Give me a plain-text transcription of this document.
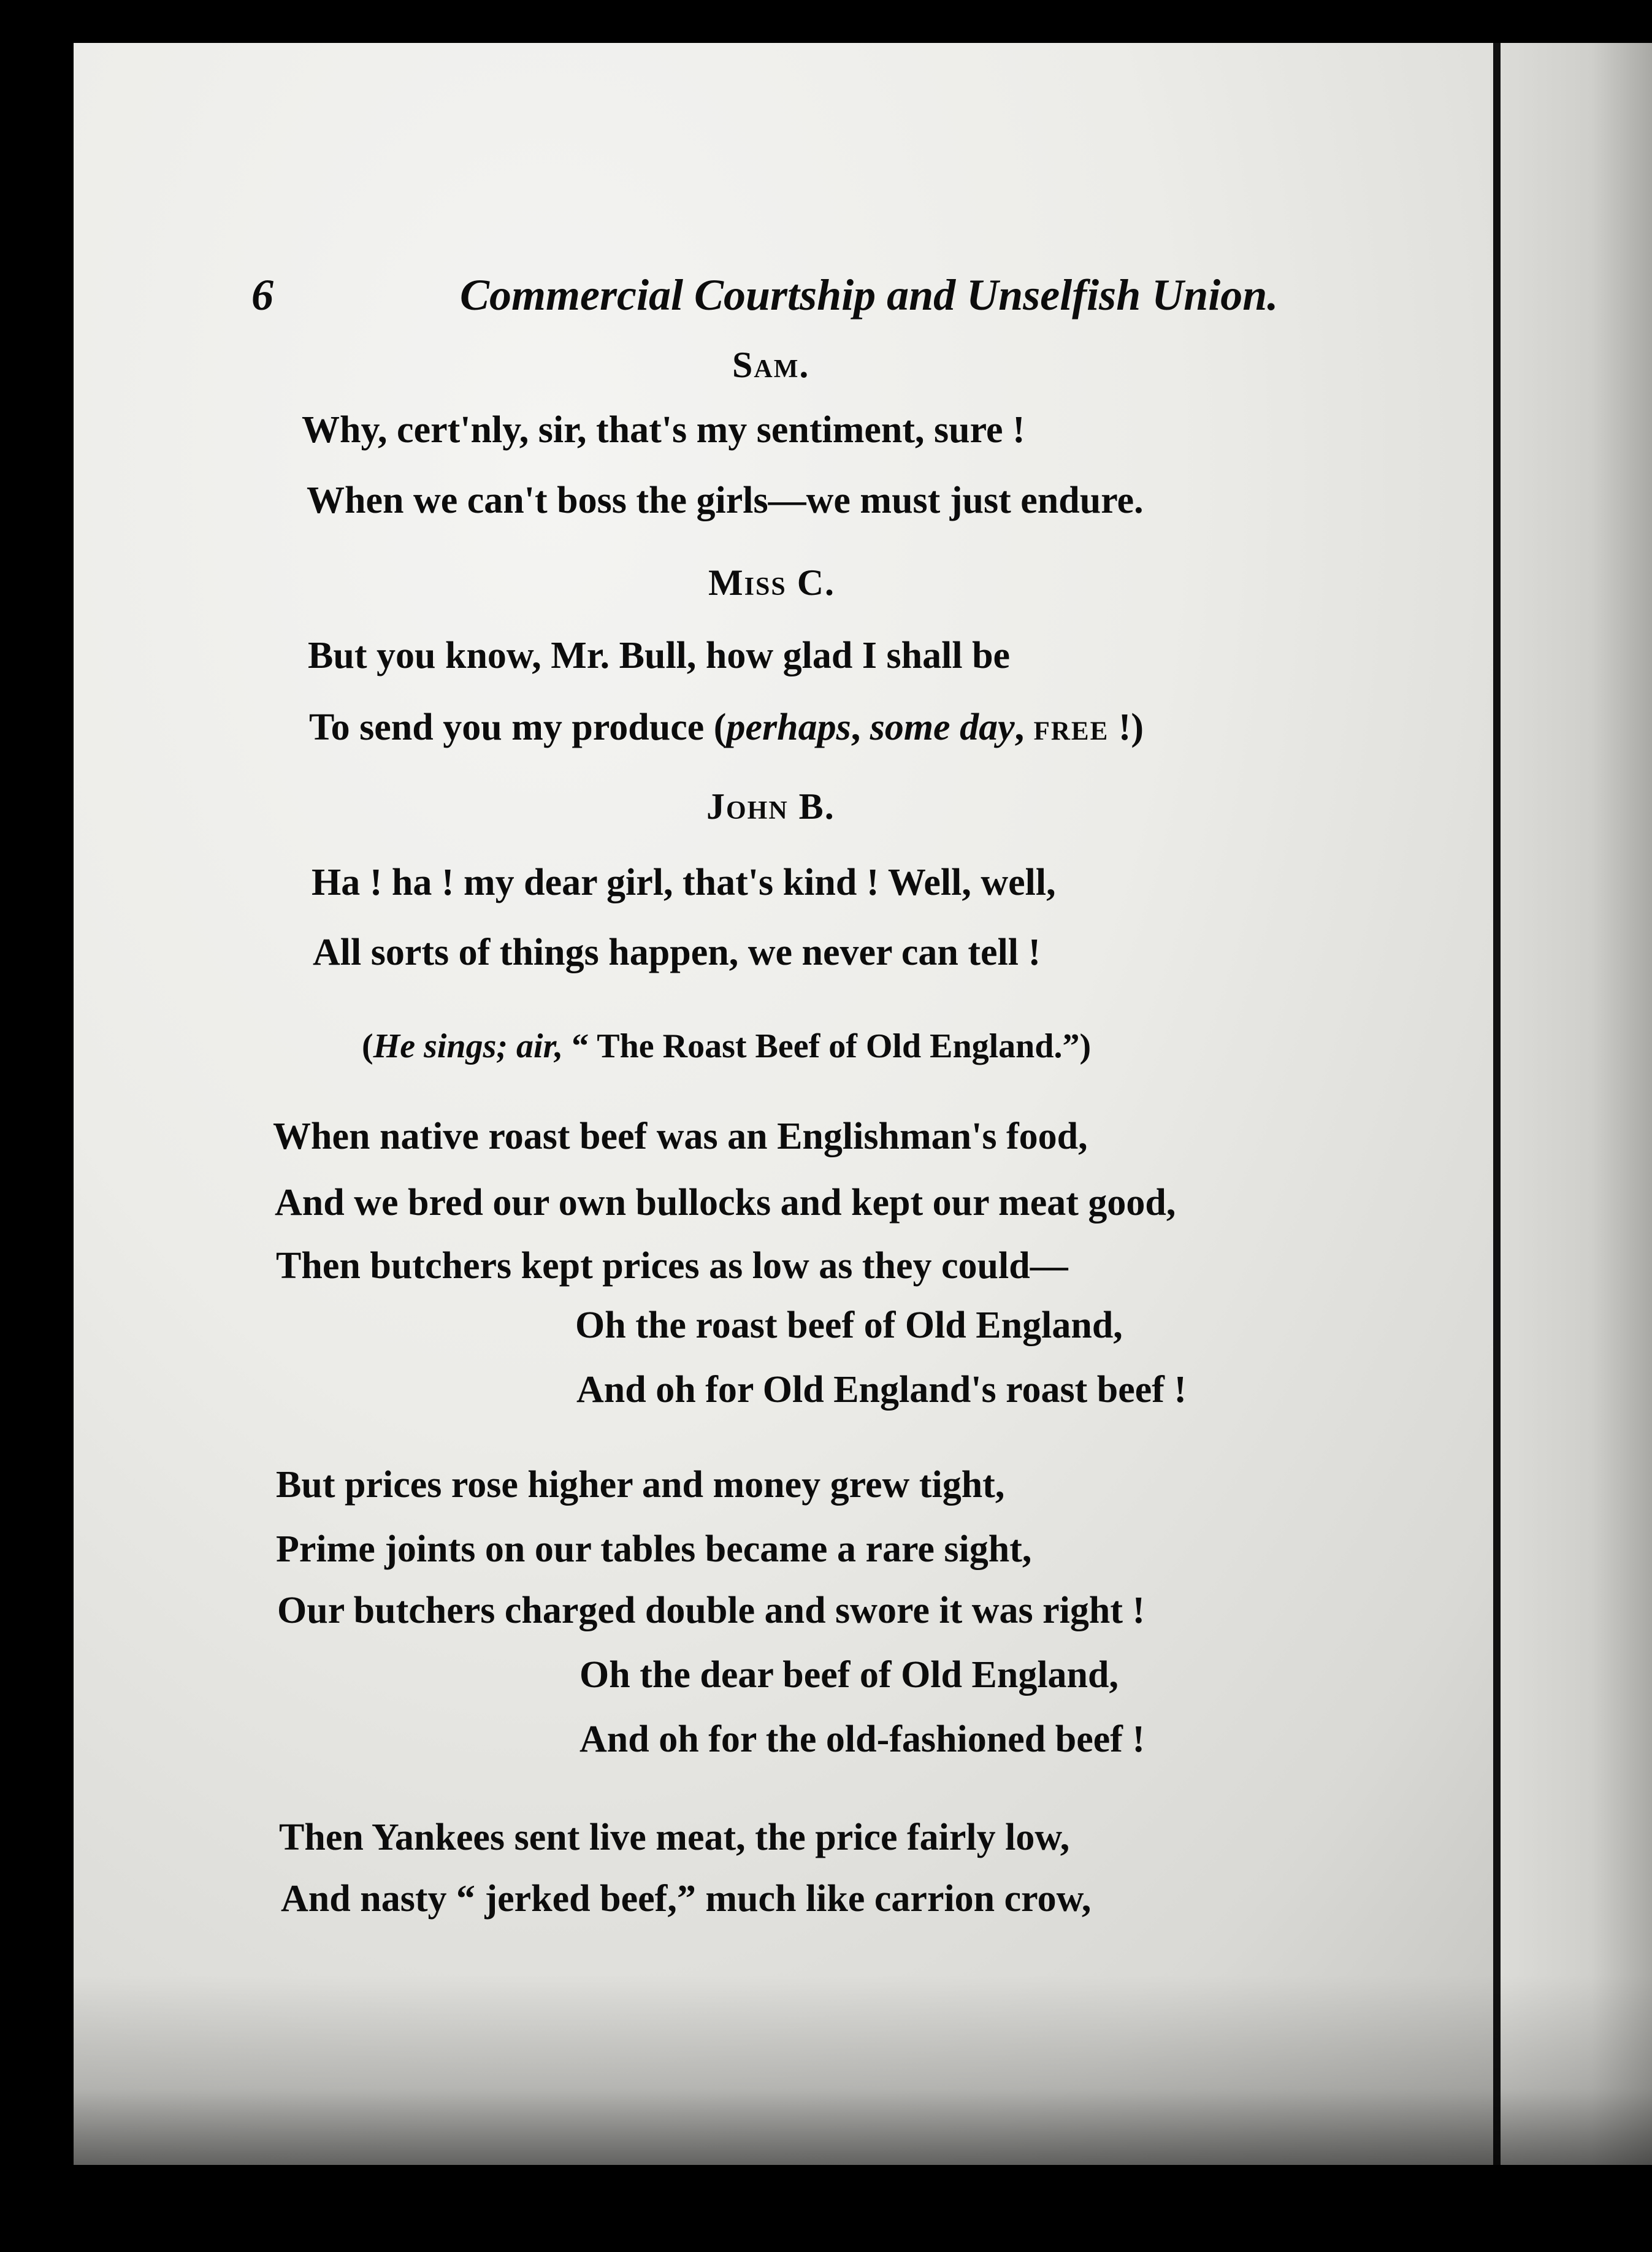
6	Commercial Courtship and Unselfish Union.
Sam.
Why, cert'nly, sir, that's my sentiment, sure !
When we can't boss the girls—we must just endure.
Miss C.
But you know, Mr. Bull, how glad I shall be
To send you my produce (perhaps, some day, free !)
John B.
Ha ! ha ! my dear girl, that's kind ! Well, well,
All sorts of things happen, we never can tell !
(He sings; air, “ The Roast Beef of Old England.”)
When native roast beef was an Englishman's food,
And we bred our own bullocks and kept our meat good,
Then butchers kept prices as low as they could—
Oh the roast beef of Old England,
And oh for Old England's roast beef !
But prices rose higher and money grew tight,
Prime joints on our tables became a rare sight,
Our butchers charged double and swore it was right !
Oh the dear beef of Old England,
And oh for the old-fashioned beef !
Then Yankees sent live meat, the price fairly low,
And nasty “ jerked beef,” much like carrion crow,
